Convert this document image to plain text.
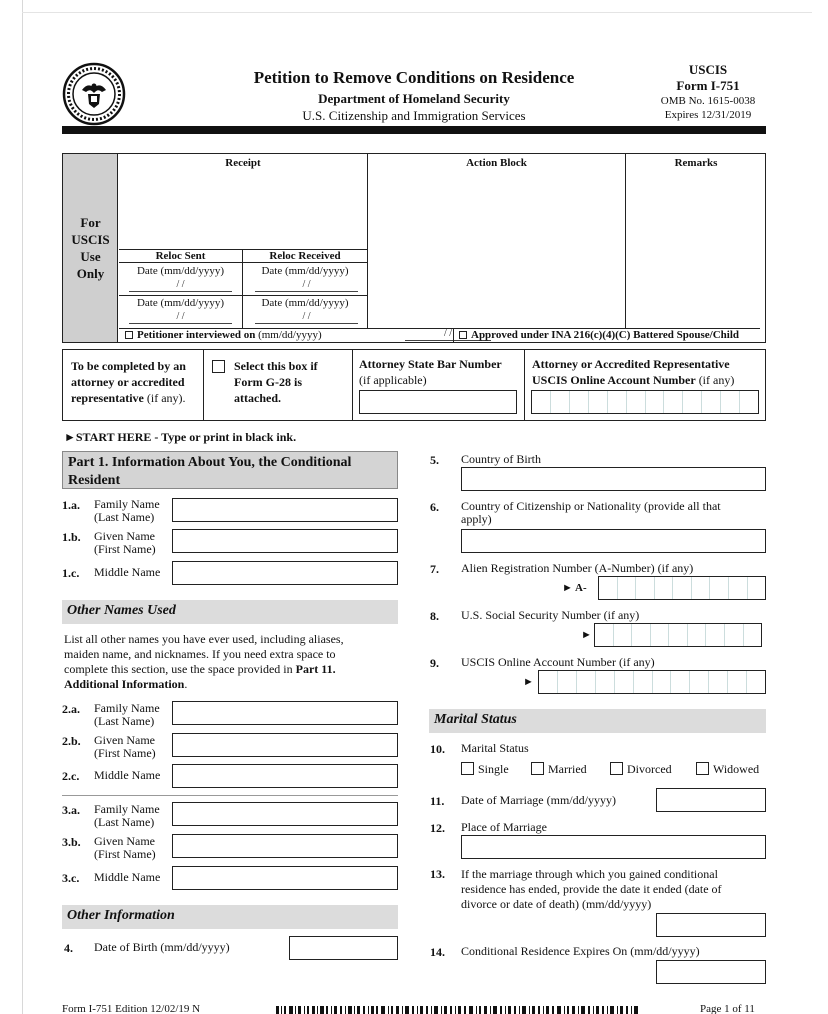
Petition to Remove Conditions on Residence
Department of Homeland Security
U.S. Citizenship and Immigration Services
USCIS
Form I-751
OMB No. 1615-0038
Expires 12/31/2019
For
USCIS
Use
Only
Receipt	Action Block	Remarks
Reloc Sent	Reloc Received
Date (mm/dd/yyyy)	Date (mm/dd/yyyy)
/ /	/ /
Date (mm/dd/yyyy)	Date (mm/dd/yyyy)
/ /	/ /
Petitioner interviewed on (mm/dd/yyyy)	/ /	Approved under INA 216(c)(4)(C) Battered Spouse/Child
To be completed by an
attorney or accredited
representative (if any).
Select this box if
Form G-28 is
attached.
Attorney State Bar Number
(if applicable)
Attorney or Accredited Representative
USCIS Online Account Number (if any)
►START HERE - Type or print in black ink.
Part 1. Information About You, the Conditional
Resident
1.a. Family Name
(Last Name)
1.b. Given Name
(First Name)
1.c. Middle Name
Other Names Used
List all other names you have ever used, including aliases,
maiden name, and nicknames. If you need extra space to
complete this section, use the space provided in Part 11.
Additional Information.
2.a. Family Name
(Last Name)
2.b. Given Name
(First Name)
2.c. Middle Name
3.a. Family Name
(Last Name)
3.b. Given Name
(First Name)
3.c. Middle Name
Other Information
4. Date of Birth (mm/dd/yyyy)
5. Country of Birth
6. Country of Citizenship or Nationality (provide all that
apply)
7. Alien Registration Number (A-Number) (if any)
► A-
8. U.S. Social Security Number (if any)
►
9. USCIS Online Account Number (if any)
►
Marital Status
10. Marital Status
Single	Married	Divorced	Widowed
11. Date of Marriage (mm/dd/yyyy)
12. Place of Marriage
13. If the marriage through which you gained conditional
residence has ended, provide the date it ended (date of
divorce or date of death) (mm/dd/yyyy)
14. Conditional Residence Expires On (mm/dd/yyyy)
Form I-751 Edition 12/02/19 N	Page 1 of 11
